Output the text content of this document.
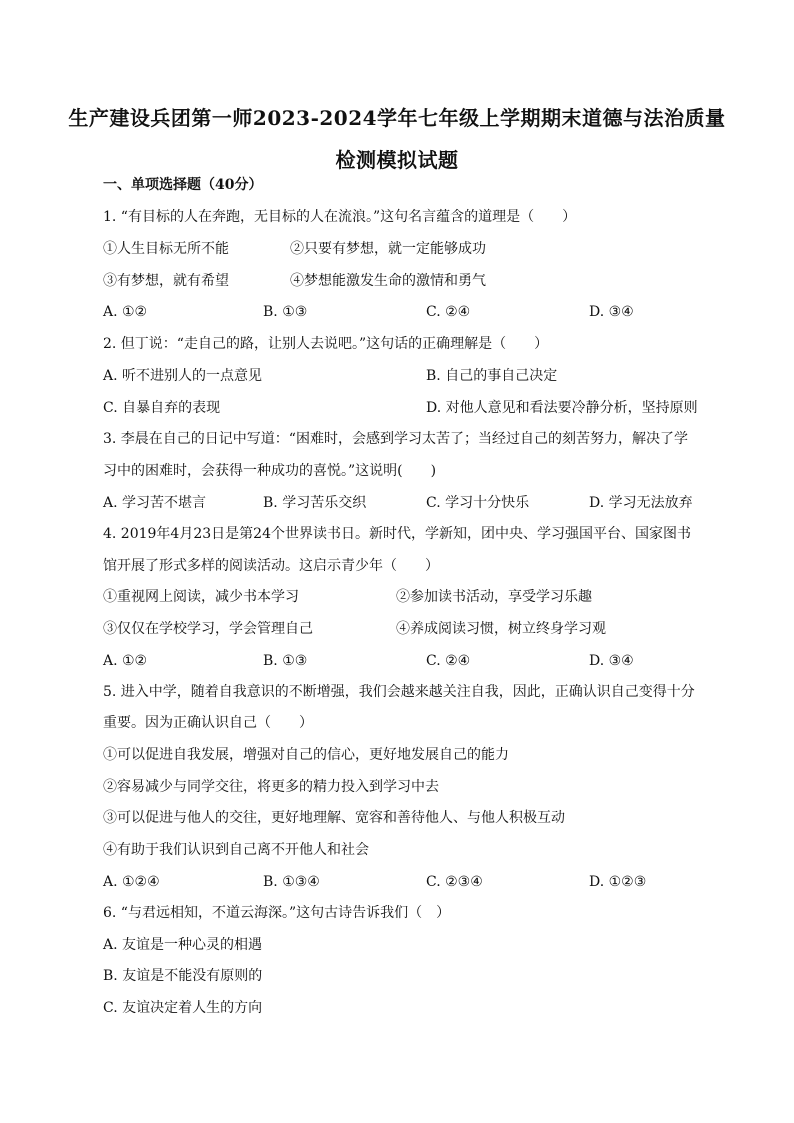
生产建设兵团第一师2023-2024学年七年级上学期期末道德与法治质量
检测模拟试题
一、单项选择题（40分）
1. “有目标的人在奔跑，无目标的人在流浪。”这句名言蕴含的道理是（　　）
①人生目标无所不能	②只要有梦想，就一定能够成功
③有梦想，就有希望	④梦想能激发生命的激情和勇气
A. ①②	B. ①③	C. ②④	D. ③④
2. 但丁说：“走自己的路，让别人去说吧。”这句话的正确理解是（　　）
A. 听不进别人的一点意见	B. 自己的事自己决定
C. 自暴自弃的表现	D. 对他人意见和看法要冷静分析，坚持原则
3. 李晨在自己的日记中写道：“困难时，会感到学习太苦了；当经过自己的刻苦努力，解决了学
习中的困难时，会获得一种成功的喜悦。”这说明(　　)
A. 学习苦不堪言	B. 学习苦乐交织	C. 学习十分快乐	D. 学习无法放弃
4. 2019年4月23日是第24个世界读书日。新时代，学新知，团中央、学习强国平台、国家图书
馆开展了形式多样的阅读活动。这启示青少年（　　）
①重视网上阅读，减少书本学习	②参加读书活动，享受学习乐趣
③仅仅在学校学习，学会管理自己	④养成阅读习惯，树立终身学习观
A. ①②	B. ①③	C. ②④	D. ③④
5. 进入中学，随着自我意识的不断增强，我们会越来越关注自我，因此，正确认识自己变得十分
重要。因为正确认识自己（　　）
①可以促进自我发展，增强对自己的信心，更好地发展自己的能力
②容易减少与同学交往，将更多的精力投入到学习中去
③可以促进与他人的交往，更好地理解、宽容和善待他人、与他人积极互动
④有助于我们认识到自己离不开他人和社会
A. ①②④	B. ①③④	C. ②③④	D. ①②③
6. “与君远相知，不道云海深。”这句古诗告诉我们（　）
A. 友谊是一种心灵的相遇
B. 友谊是不能没有原则的
C. 友谊决定着人生的方向
